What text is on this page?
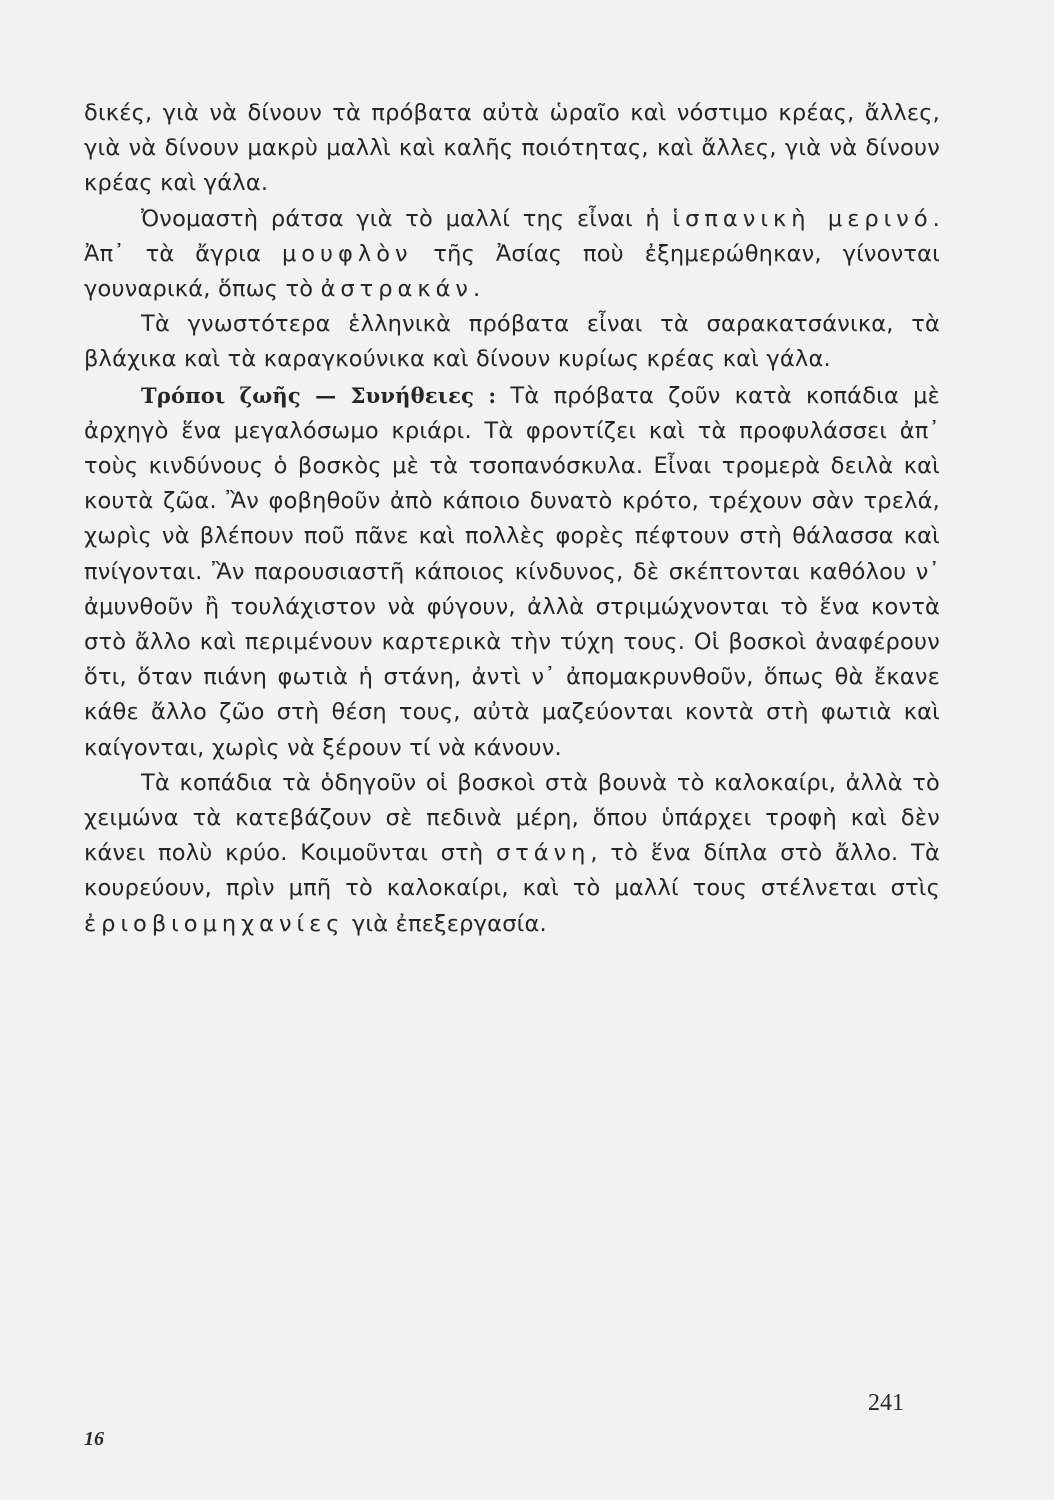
δικές, γιὰ νὰ δίνουν τὰ πρόβατα αὐτὰ ὡραῖο καὶ νόστιμο κρέας, ἄλλες, γιὰ νὰ δίνουν μακρὺ μαλλὶ καὶ καλῆς ποιότητας, καὶ ἄλλες, γιὰ νὰ δίνουν κρέας καὶ γάλα.

Ὀνομαστὴ ράτσα γιὰ τὸ μαλλί της εἶναι ἡ ἱσπανικὴ μερινό. Ἀπ᾿ τὰ ἄγρια μουφλὸν τῆς Ἀσίας ποὺ ἐξημερώθηκαν, γίνονται γουναρικά, ὅπως τὸ ἀστρακάν.

Τὰ γνωστότερα ἑλληνικὰ πρόβατα εἶναι τὰ σαρακατσάνικα, τὰ βλάχικα καὶ τὰ καραγκούνικα καὶ δίνουν κυρίως κρέας καὶ γάλα.

Τρόποι ζωῆς — Συνήθειες : Τὰ πρόβατα ζοῦν κατὰ κοπάδια μὲ ἀρχηγὸ ἕνα μεγαλόσωμο κριάρι. Τὰ φροντίζει καὶ τὰ προφυλάσσει ἀπ᾿ τοὺς κινδύνους ὁ βοσκὸς μὲ τὰ τσοπανόσκυλα. Εἶναι τρομερὰ δειλὰ καὶ κουτὰ ζῶα. Ἂν φοβηθοῦν ἀπὸ κάποιο δυνατὸ κρότο, τρέχουν σὰν τρελά, χωρὶς νὰ βλέπουν ποῦ πᾶνε καὶ πολλὲς φορὲς πέφτουν στὴ θάλασσα καὶ πνίγονται. Ἂν παρουσιαστῆ κάποιος κίνδυνος, δὲ σκέπτονται καθόλου ν᾿ ἀμυνθοῦν ἢ τουλάχιστον νὰ φύγουν, ἀλλὰ στριμώχνονται τὸ ἕνα κοντὰ στὸ ἄλλο καὶ περιμένουν καρτερικὰ τὴν τύχη τους. Οἱ βοσκοὶ ἀναφέρουν ὅτι, ὅταν πιάνη φωτιὰ ἡ στάνη, ἀντὶ ν᾿ ἀπομακρυνθοῦν, ὅπως θὰ ἔκανε κάθε ἄλλο ζῶο στὴ θέση τους, αὐτὰ μαζεύονται κοντὰ στὴ φωτιὰ καὶ καίγονται, χωρὶς νὰ ξέρουν τί νὰ κάνουν.

Τὰ κοπάδια τὰ ὁδηγοῦν οἱ βοσκοὶ στὰ βουνὰ τὸ καλοκαίρι, ἀλλὰ τὸ χειμώνα τὰ κατεβάζουν σὲ πεδινὰ μέρη, ὅπου ὑπάρχει τροφὴ καὶ δὲν κάνει πολὺ κρύο. Κοιμοῦνται στὴ στάνη, τὸ ἕνα δίπλα στὸ ἄλλο. Τὰ κουρεύουν, πρὶν μπῆ τὸ καλοκαίρι, καὶ τὸ μαλλί τους στέλνεται στὶς ἐριοβιομηχανίες γιὰ ἐπεξεργασία.

241
16
